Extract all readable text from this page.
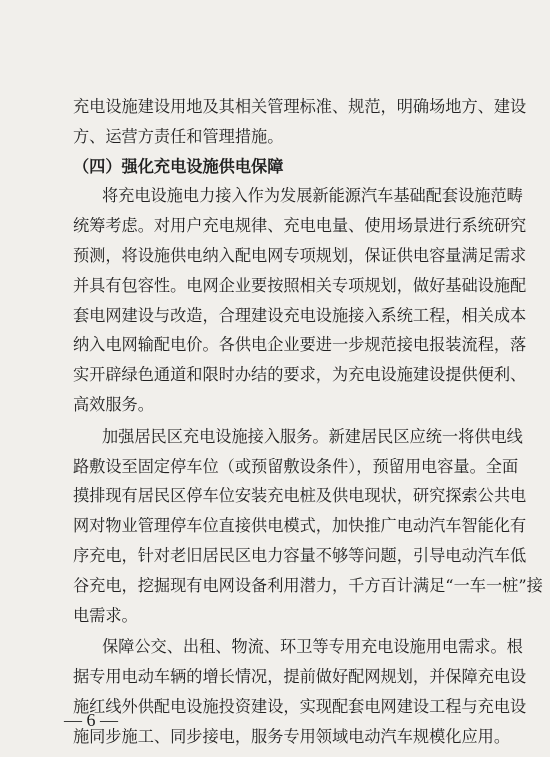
充电设施建设用地及其相关管理标准、规范，明确场地方、建设
方、运营方责任和管理措施。
（四）强化充电设施供电保障
将充电设施电力接入作为发展新能源汽车基础配套设施范畴
统筹考虑。对用户充电规律、充电电量、使用场景进行系统研究
预测，将设施供电纳入配电网专项规划，保证供电容量满足需求
并具有包容性。电网企业要按照相关专项规划，做好基础设施配
套电网建设与改造，合理建设充电设施接入系统工程，相关成本
纳入电网输配电价。各供电企业要进一步规范接电报装流程，落
实开辟绿色通道和限时办结的要求，为充电设施建设提供便利、
高效服务。
加强居民区充电设施接入服务。新建居民区应统一将供电线
路敷设至固定停车位（或预留敷设条件），预留用电容量。全面
摸排现有居民区停车位安装充电桩及供电现状，研究探索公共电
网对物业管理停车位直接供电模式，加快推广电动汽车智能化有
序充电，针对老旧居民区电力容量不够等问题，引导电动汽车低
谷充电，挖掘现有电网设备利用潜力，千方百计满足“一车一桩”接
电需求。
保障公交、出租、物流、环卫等专用充电设施用电需求。根
据专用电动车辆的增长情况，提前做好配网规划，并保障充电设
施红线外供配电设施投资建设，实现配套电网建设工程与充电设
施同步施工、同步接电，服务专用领域电动汽车规模化应用。
— 6 —
